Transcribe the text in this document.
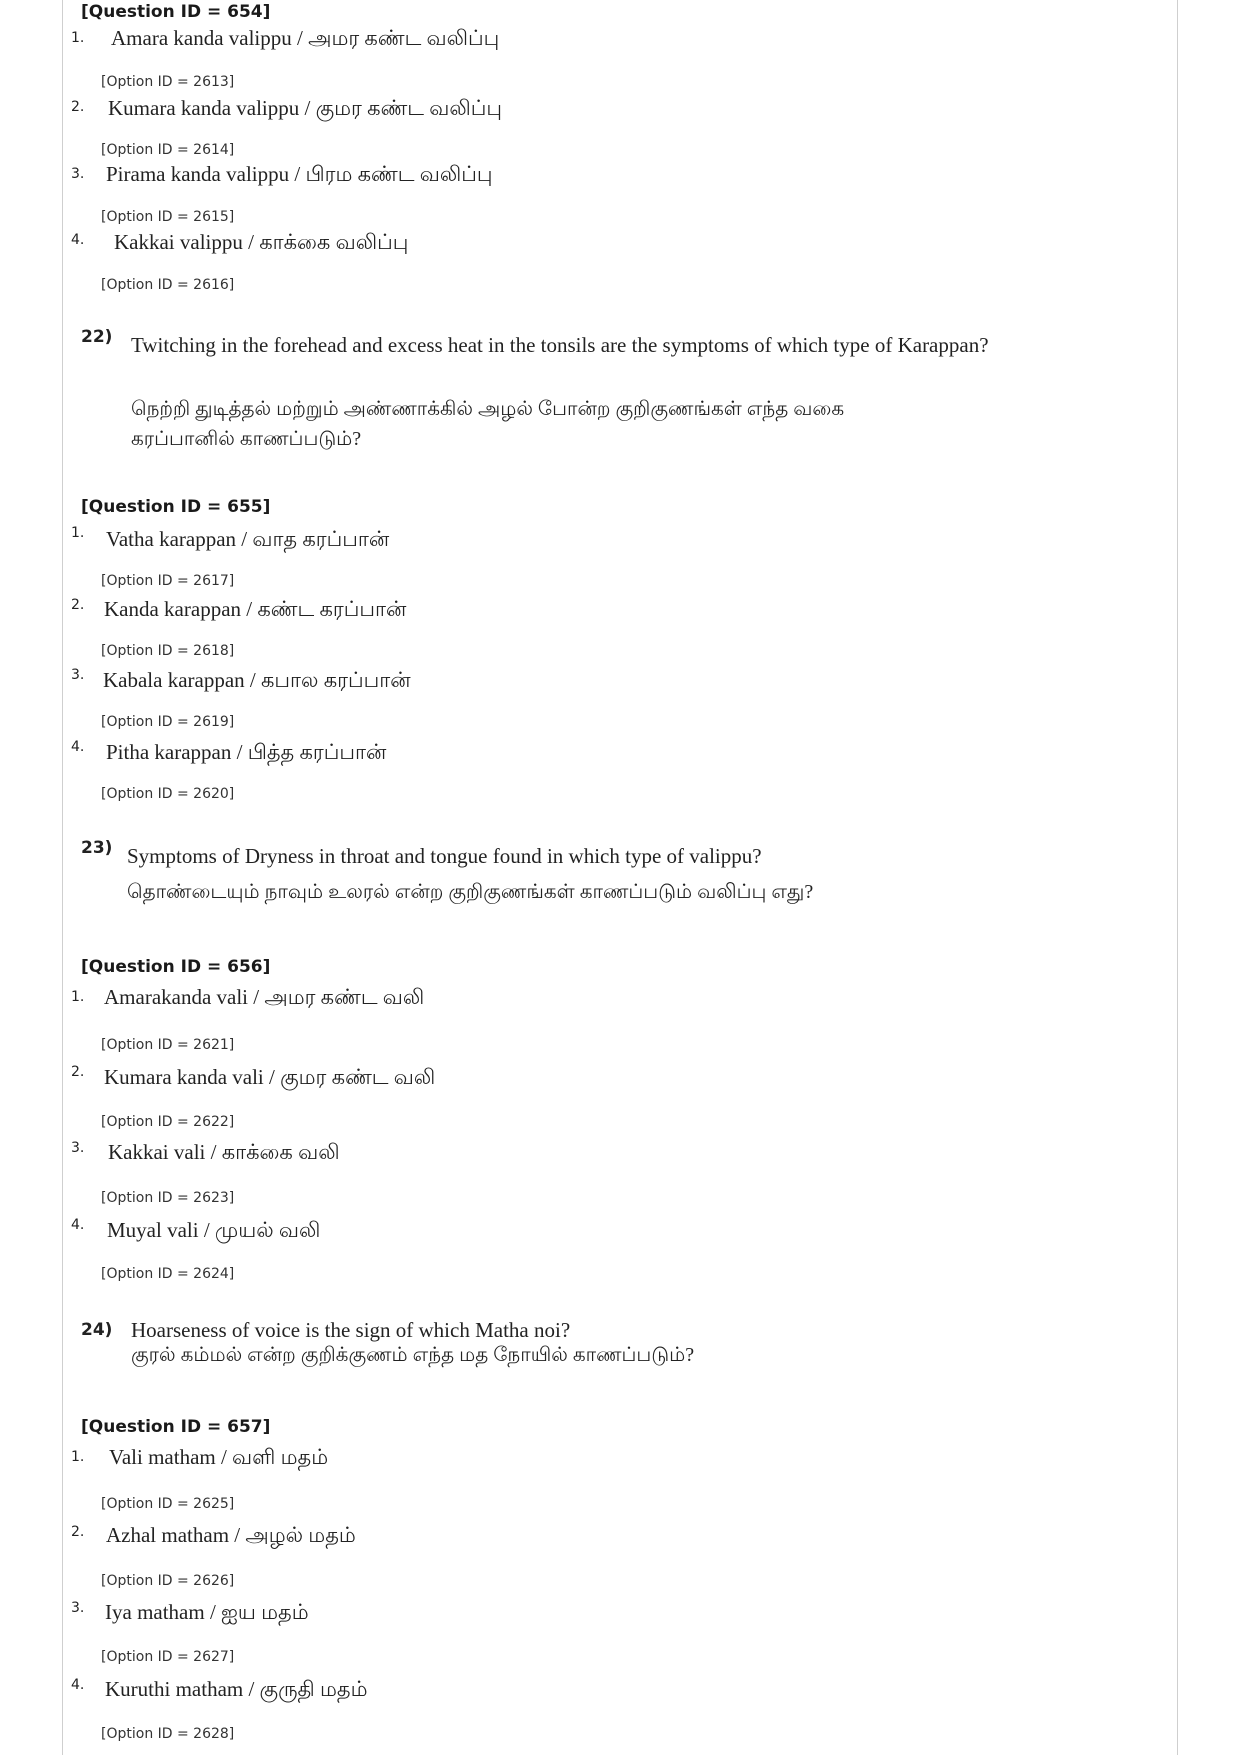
[Question ID = 654]
1. Amara kanda valippu / அமர கண்ட வலிப்பு
[Option ID = 2613]
2. Kumara kanda valippu / குமர கண்ட வலிப்பு
[Option ID = 2614]
3. Pirama kanda valippu / பிரம கண்ட வலிப்பு
[Option ID = 2615]
4. Kakkai valippu / காக்கை வலிப்பு
[Option ID = 2616]
22) Twitching in the forehead and excess heat in the tonsils are the symptoms of which type of Karappan?
நெற்றி துடித்தல் மற்றும் அண்ணாக்கில் அழல் போன்ற குறிகுணங்கள் எந்த வகை கரப்பானில் காணப்படும்?
[Question ID = 655]
1. Vatha karappan / வாத கரப்பான்
[Option ID = 2617]
2. Kanda karappan / கண்ட கரப்பான்
[Option ID = 2618]
3. Kabala karappan / கபால கரப்பான்
[Option ID = 2619]
4. Pitha karappan / பித்த கரப்பான்
[Option ID = 2620]
23) Symptoms of Dryness in throat and tongue found in which type of valippu?
தொண்டையும் நாவும் உலரல் என்ற குறிகுணங்கள் காணப்படும் வலிப்பு எது?
[Question ID = 656]
1. Amarakanda vali / அமர கண்ட வலி
[Option ID = 2621]
2. Kumara kanda vali / குமர கண்ட வலி
[Option ID = 2622]
3. Kakkai vali / காக்கை வலி
[Option ID = 2623]
4. Muyal vali / முயல் வலி
[Option ID = 2624]
24) Hoarseness of voice is the sign of which Matha noi?
குரல் கம்மல் என்ற குறிக்குணம் எந்த மத நோயில் காணப்படும்?
[Question ID = 657]
1. Vali matham / வளி மதம்
[Option ID = 2625]
2. Azhal matham / அழல் மதம்
[Option ID = 2626]
3. Iya matham / ஐய மதம்
[Option ID = 2627]
4. Kuruthi matham / குருதி மதம்
[Option ID = 2628]
